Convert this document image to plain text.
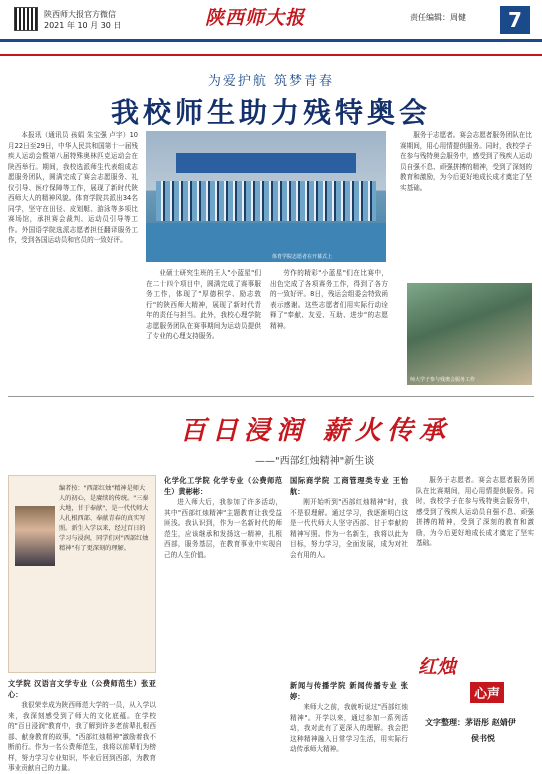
陕西师大报官方微信
2021 年 10 月 30 日	陕西师大报	责任编辑：周健	7
为爱护航 筑梦青春
我校师生助力残特奥会

本报讯（通讯员 孩娟 朱宝强 卢宇）10月22日至29日，中华人民共和国第十一届残疾人运动会暨第八届特殊奥林匹克运动会在陕西举行。期间，我校选派师生代表组成志愿服务团队，圆满完成了赛会志愿服务、礼仪引导、医疗保障等工作，展现了新时代陕西师大人的精神风貌。体育学院共派出34名同学，坚守在田径、皮划艇、游泳等多项比赛场馆，承担赛会裁判、运动员引导等工作。外国语学院选派志愿者担任翻译服务工作，受到各国运动员和官员的一致好评。

体育学院志愿者在开幕式上

业硕士研究生班的王人"小蓝星"们在二十四个项目中，圆满完成了赛事服务工作，体现了"厚德积学、励志敦行"的陕西师大精神，展现了新时代青年的责任与担当。此外，我校心理学院志愿服务团队在赛事期间为运动员提供了专业的心理支持服务。

劳作的精彩"小蓝星"们在比赛中，出色完成了各项赛务工作，得到了各方的一致好评。8日，残运会组委会特致函表示感谢。这些志愿者们用实际行动诠释了"奉献、友爱、互助、进步"的志愿精神。

服务于志愿者。赛会志愿者服务团队在比赛期间，用心用情提供服务。同时，我校学子在参与残特奥会服务中，感受到了残疾人运动员自强不息、顽强拼搏的精神，受到了深刻的教育和激励，为今后更好地成长成才奠定了坚实基础。

师大学子参与残奥会服务工作
百日浸润 薪火传承
——"西部红烛精神"新生谈
编者按："西部红烛"精神是师大人的初心，是赓续的传统。"三秦大地，甘于奉献"，是一代代师大人扎根西部、奉献青春的真实写照。新生入学以来，经过百日的学习与浸润，同学们对"西部红烛精神"有了更深刻的理解。
文学院 汉语言文学专业（公费师范生）张亚心：

我很荣幸成为陕西师范大学的一员，从入学以来，我深刻感受到了师大的文化底蕴。在学校的"百日浸润"教育中，我了解到许多老前辈扎根西部、献身教育的故事，"西部红烛精神"激励着我不断前行。作为一名公费师范生，我将以前辈们为榜样，努力学习专业知识，毕业后回到西部，为教育事业贡献自己的力量。

化学化工学院 化学专业（公费师范生）黄彬彬：

进入师大后，我参加了许多活动，其中"西部红烛精神"主题教育让我受益匪浅。我认识到，作为一名新时代的师范生，应该继承和发扬这一精神，扎根西部，服务基层，在教育事业中实现自己的人生价值。

国际商学院 工商管理类专业 王怡航：

刚开始听到"西部红烛精神"时，我不是很理解。通过学习，我逐渐明白这是一代代师大人坚守西部、甘于奉献的精神写照。作为一名新生，我将以此为目标，努力学习，全面发展，成为对社会有用的人。

新闻与传播学院 新闻传播专业 张婷：

来师大之前，我就听说过"西部红烛精神"。开学以来，通过参加一系列活动，我对此有了更深入的理解。我会把这种精神融入日常学习生活，用实际行动传承师大精神。

服务于志愿者。赛会志愿者服务团队在比赛期间，用心用情提供服务。同时，我校学子在参与残特奥会服务中，感受到了残疾人运动员自强不息、顽强拼搏的精神，受到了深刻的教育和激励，为今后更好地成长成才奠定了坚实基础。

红烛
心声
文字整理：茅语彤 赵婧伊
侯书悦
